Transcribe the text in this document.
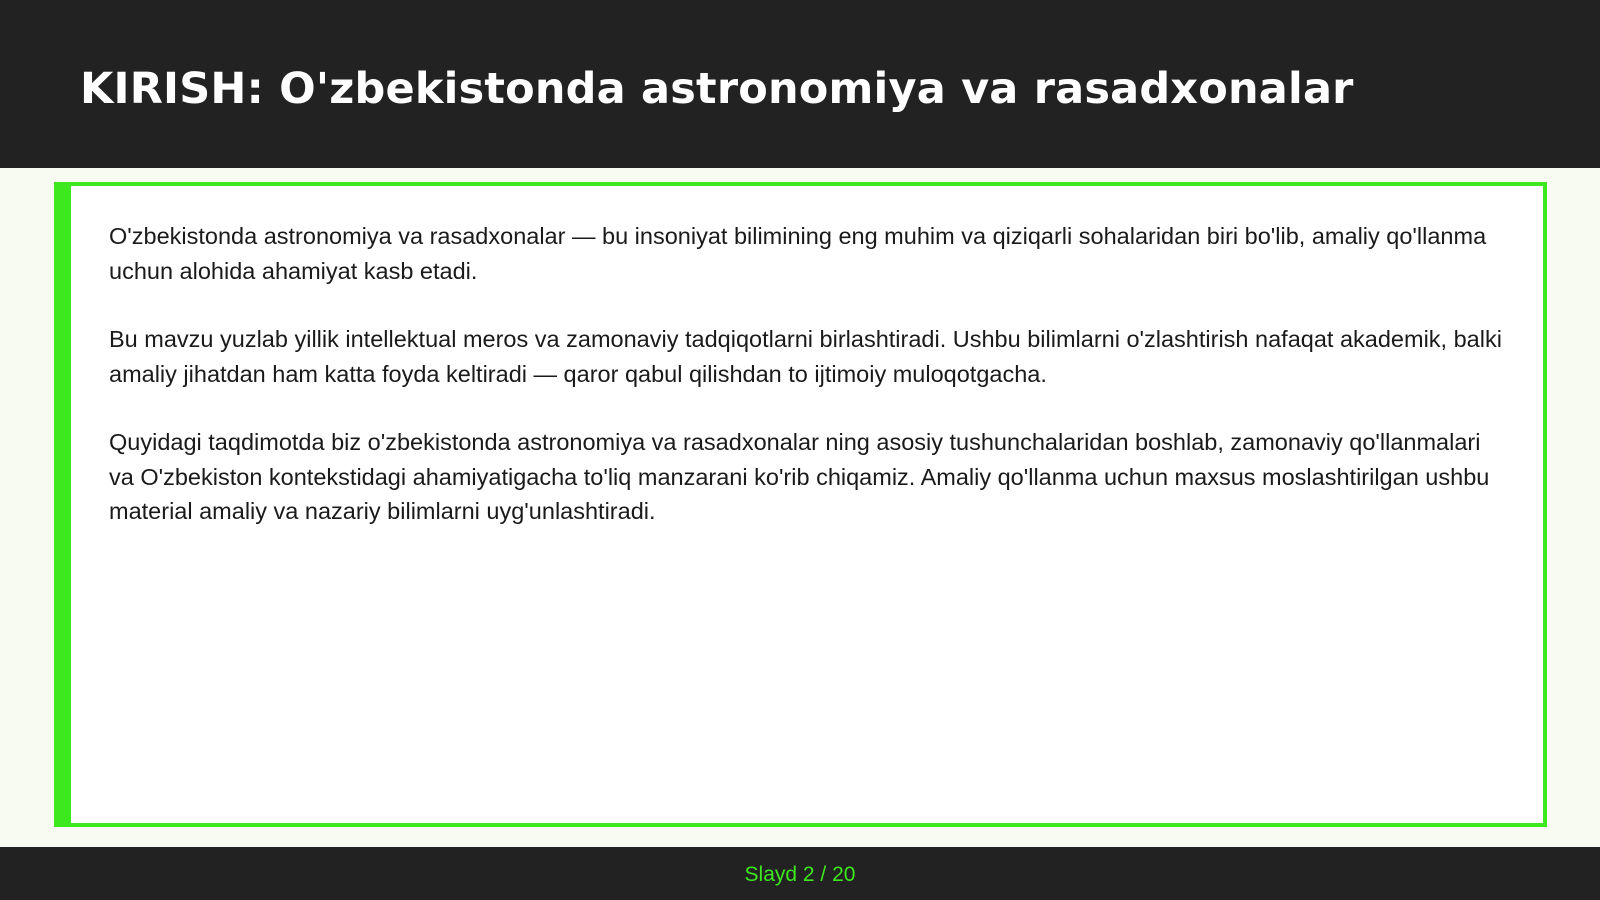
KIRISH: O'zbekistonda astronomiya va rasadxonalar

O'zbekistonda astronomiya va rasadxonalar — bu insoniyat bilimining eng muhim va qiziqarli sohalaridan biri bo'lib, amaliy qo'llanma uchun alohida ahamiyat kasb etadi.

Bu mavzu yuzlab yillik intellektual meros va zamonaviy tadqiqotlarni birlashtiradi. Ushbu bilimlarni o'zlashtirish nafaqat akademik, balki amaliy jihatdan ham katta foyda keltiradi — qaror qabul qilishdan to ijtimoiy muloqotgacha.

Quyidagi taqdimotda biz o'zbekistonda astronomiya va rasadxonalar ning asosiy tushunchalaridan boshlab, zamonaviy qo'llanmalari va O'zbekiston kontekstidagi ahamiyatigacha to'liq manzarani ko'rib chiqamiz. Amaliy qo'llanma uchun maxsus moslashtirilgan ushbu material amaliy va nazariy bilimlarni uyg'unlashtiradi.

Slayd 2 / 20
